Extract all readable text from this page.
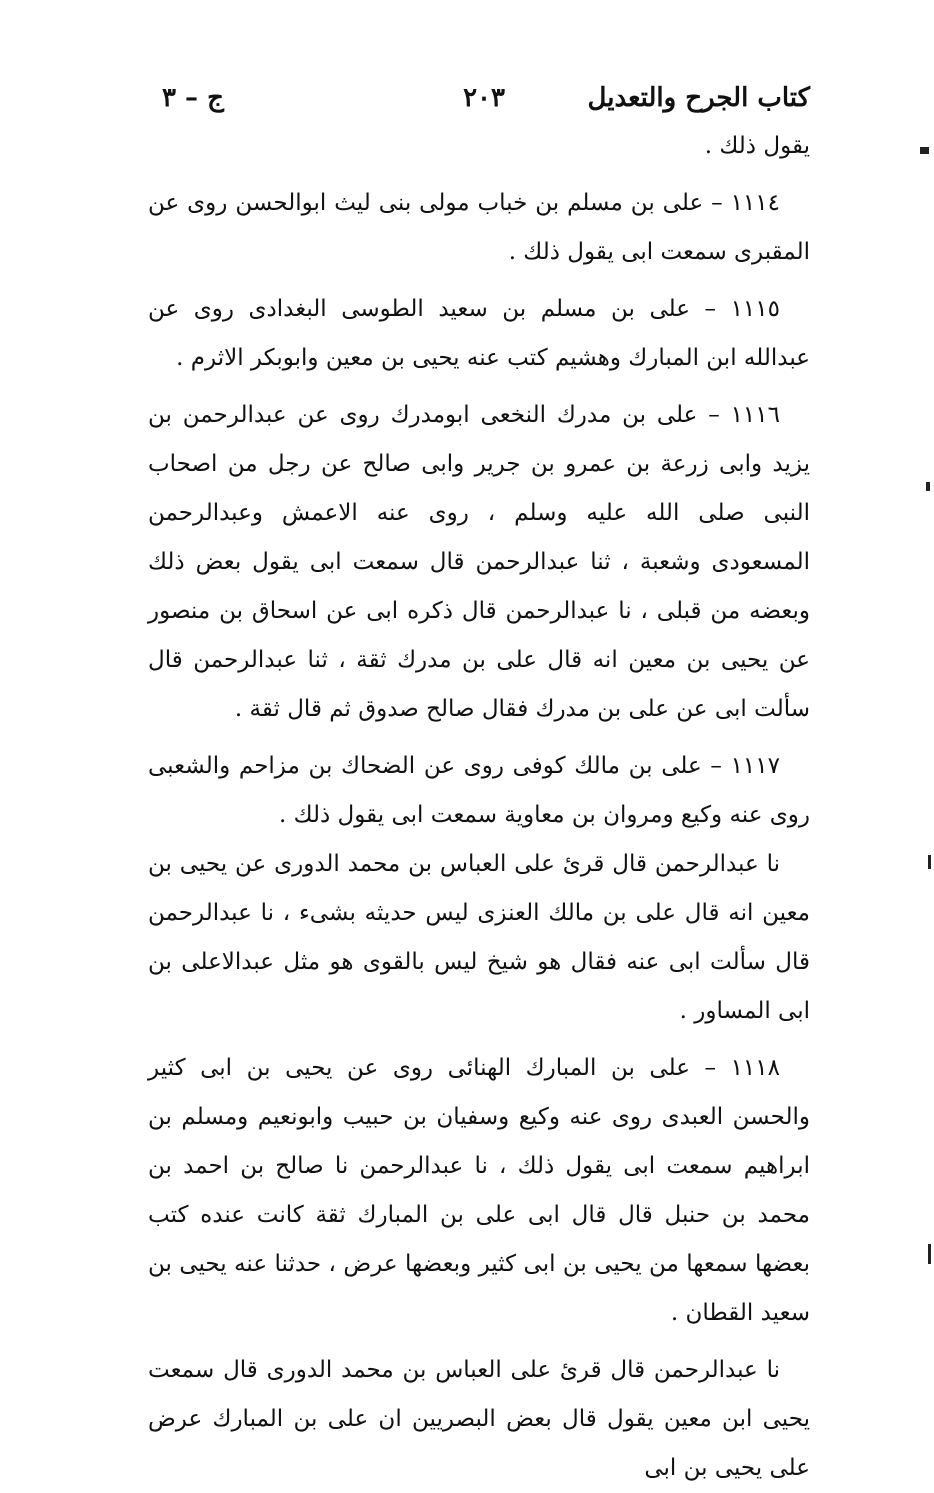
كتاب الجرح والتعديل
٢٠٣
ج – ٣

يقول ذلك .

١١١٤ – على بن مسلم بن خباب مولى بنى ليث ابوالحسن روى عن المقبرى سمعت ابى يقول ذلك .

١١١٥ – على بن مسلم بن سعيد الطوسى البغدادى روى عن عبدالله ابن المبارك وهشيم كتب عنه يحيى بن معين وابوبكر الاثرم .

١١١٦ – على بن مدرك النخعى ابومدرك روى عن عبدالرحمن بن يزيد وابى زرعة بن عمرو بن جرير وابى صالح عن رجل من اصحاب النبى صلى الله عليه وسلم ، روى عنه الاعمش وعبدالرحمن المسعودى وشعبة ، ثنا عبدالرحمن قال سمعت ابى يقول بعض ذلك وبعضه من قبلى ، نا عبدالرحمن قال ذكره ابى عن اسحاق بن منصور عن يحيى بن معين انه قال على بن مدرك ثقة ، ثنا عبدالرحمن قال سألت ابى عن على بن مدرك فقال صالح صدوق ثم قال ثقة .

١١١٧ – على بن مالك كوفى روى عن الضحاك بن مزاحم والشعبى روى عنه وكيع ومروان بن معاوية سمعت ابى يقول ذلك .

نا عبدالرحمن قال قرئ على العباس بن محمد الدورى عن يحيى بن معين انه قال على بن مالك العنزى ليس حديثه بشىء ، نا عبدالرحمن قال سألت ابى عنه فقال هو شيخ ليس بالقوى هو مثل عبدالاعلى بن ابى المساور .

١١١٨ – على بن المبارك الهنائى روى عن يحيى بن ابى كثير والحسن العبدى روى عنه وكيع وسفيان بن حبيب وابونعيم ومسلم بن ابراهيم سمعت ابى يقول ذلك ، نا عبدالرحمن نا صالح بن احمد بن محمد بن حنبل قال قال ابى على بن المبارك ثقة كانت عنده كتب بعضها سمعها من يحيى بن ابى كثير وبعضها عرض ، حدثنا عنه يحيى بن سعيد القطان .

نا عبدالرحمن قال قرئ على العباس بن محمد الدورى قال سمعت يحيى ابن معين يقول قال بعض البصريين ان على بن المبارك عرض على يحيى بن ابى
